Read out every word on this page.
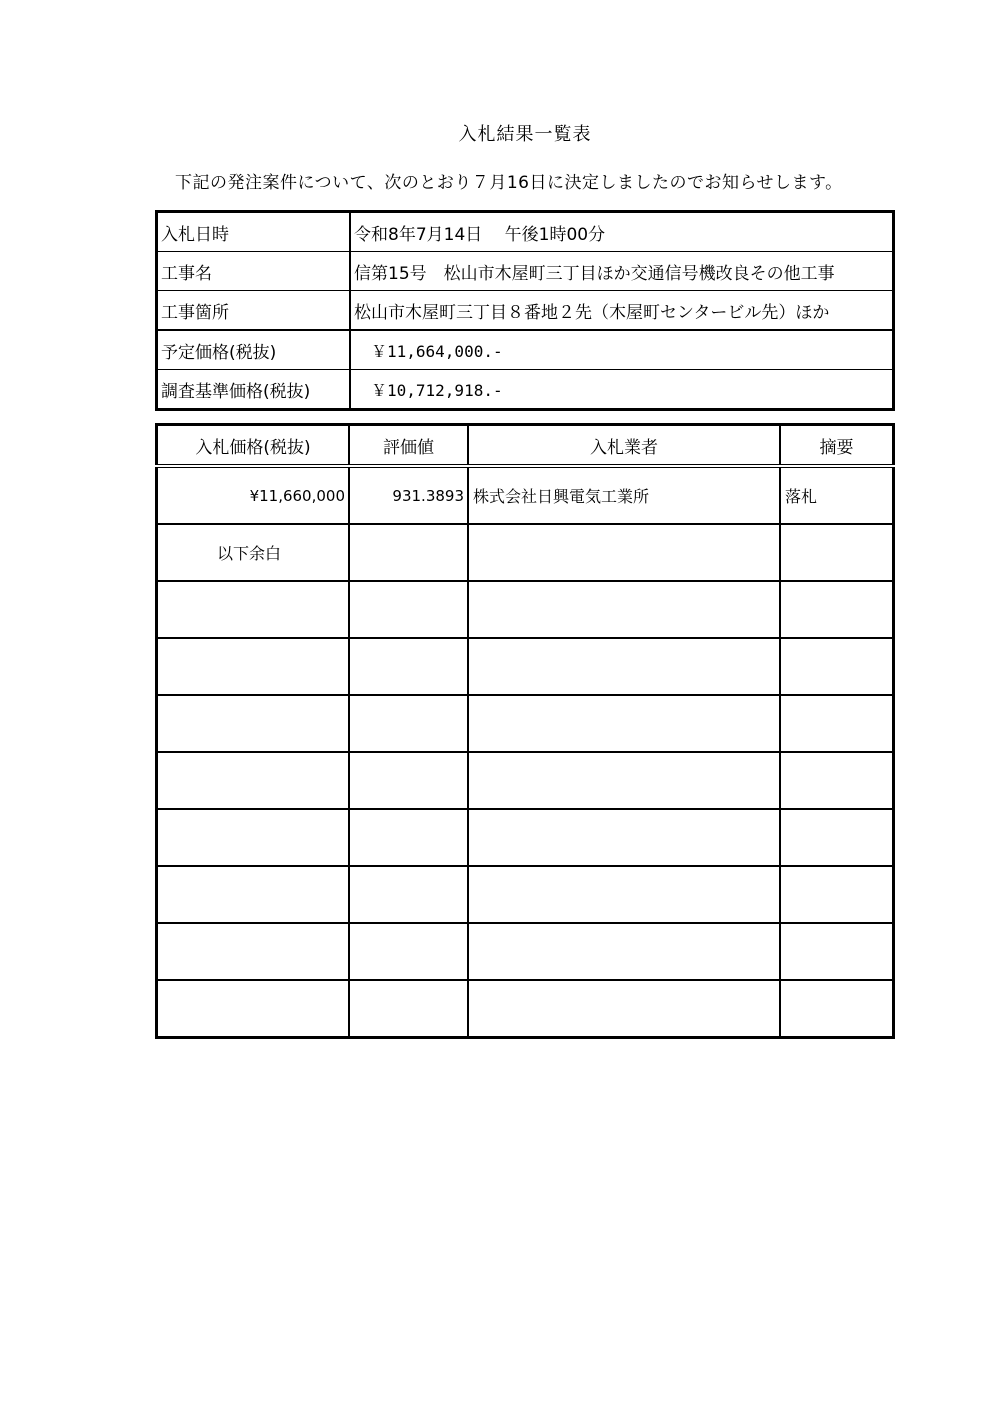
入札結果一覧表
下記の発注案件について、次のとおり７月16日に決定しましたのでお知らせします。
入札日時	令和8年7月14日　 午後1時00分
工事名	信第15号　松山市木屋町三丁目ほか交通信号機改良その他工事
工事箇所	松山市木屋町三丁目８番地２先（木屋町センタービル先）ほか
予定価格(税抜)	￥11,664,000.-
調査基準価格(税抜)	￥10,712,918.-
入札価格(税抜)	評価値	入札業者	摘要
¥11,660,000	931.3893	株式会社日興電気工業所	落札
以下余白			
